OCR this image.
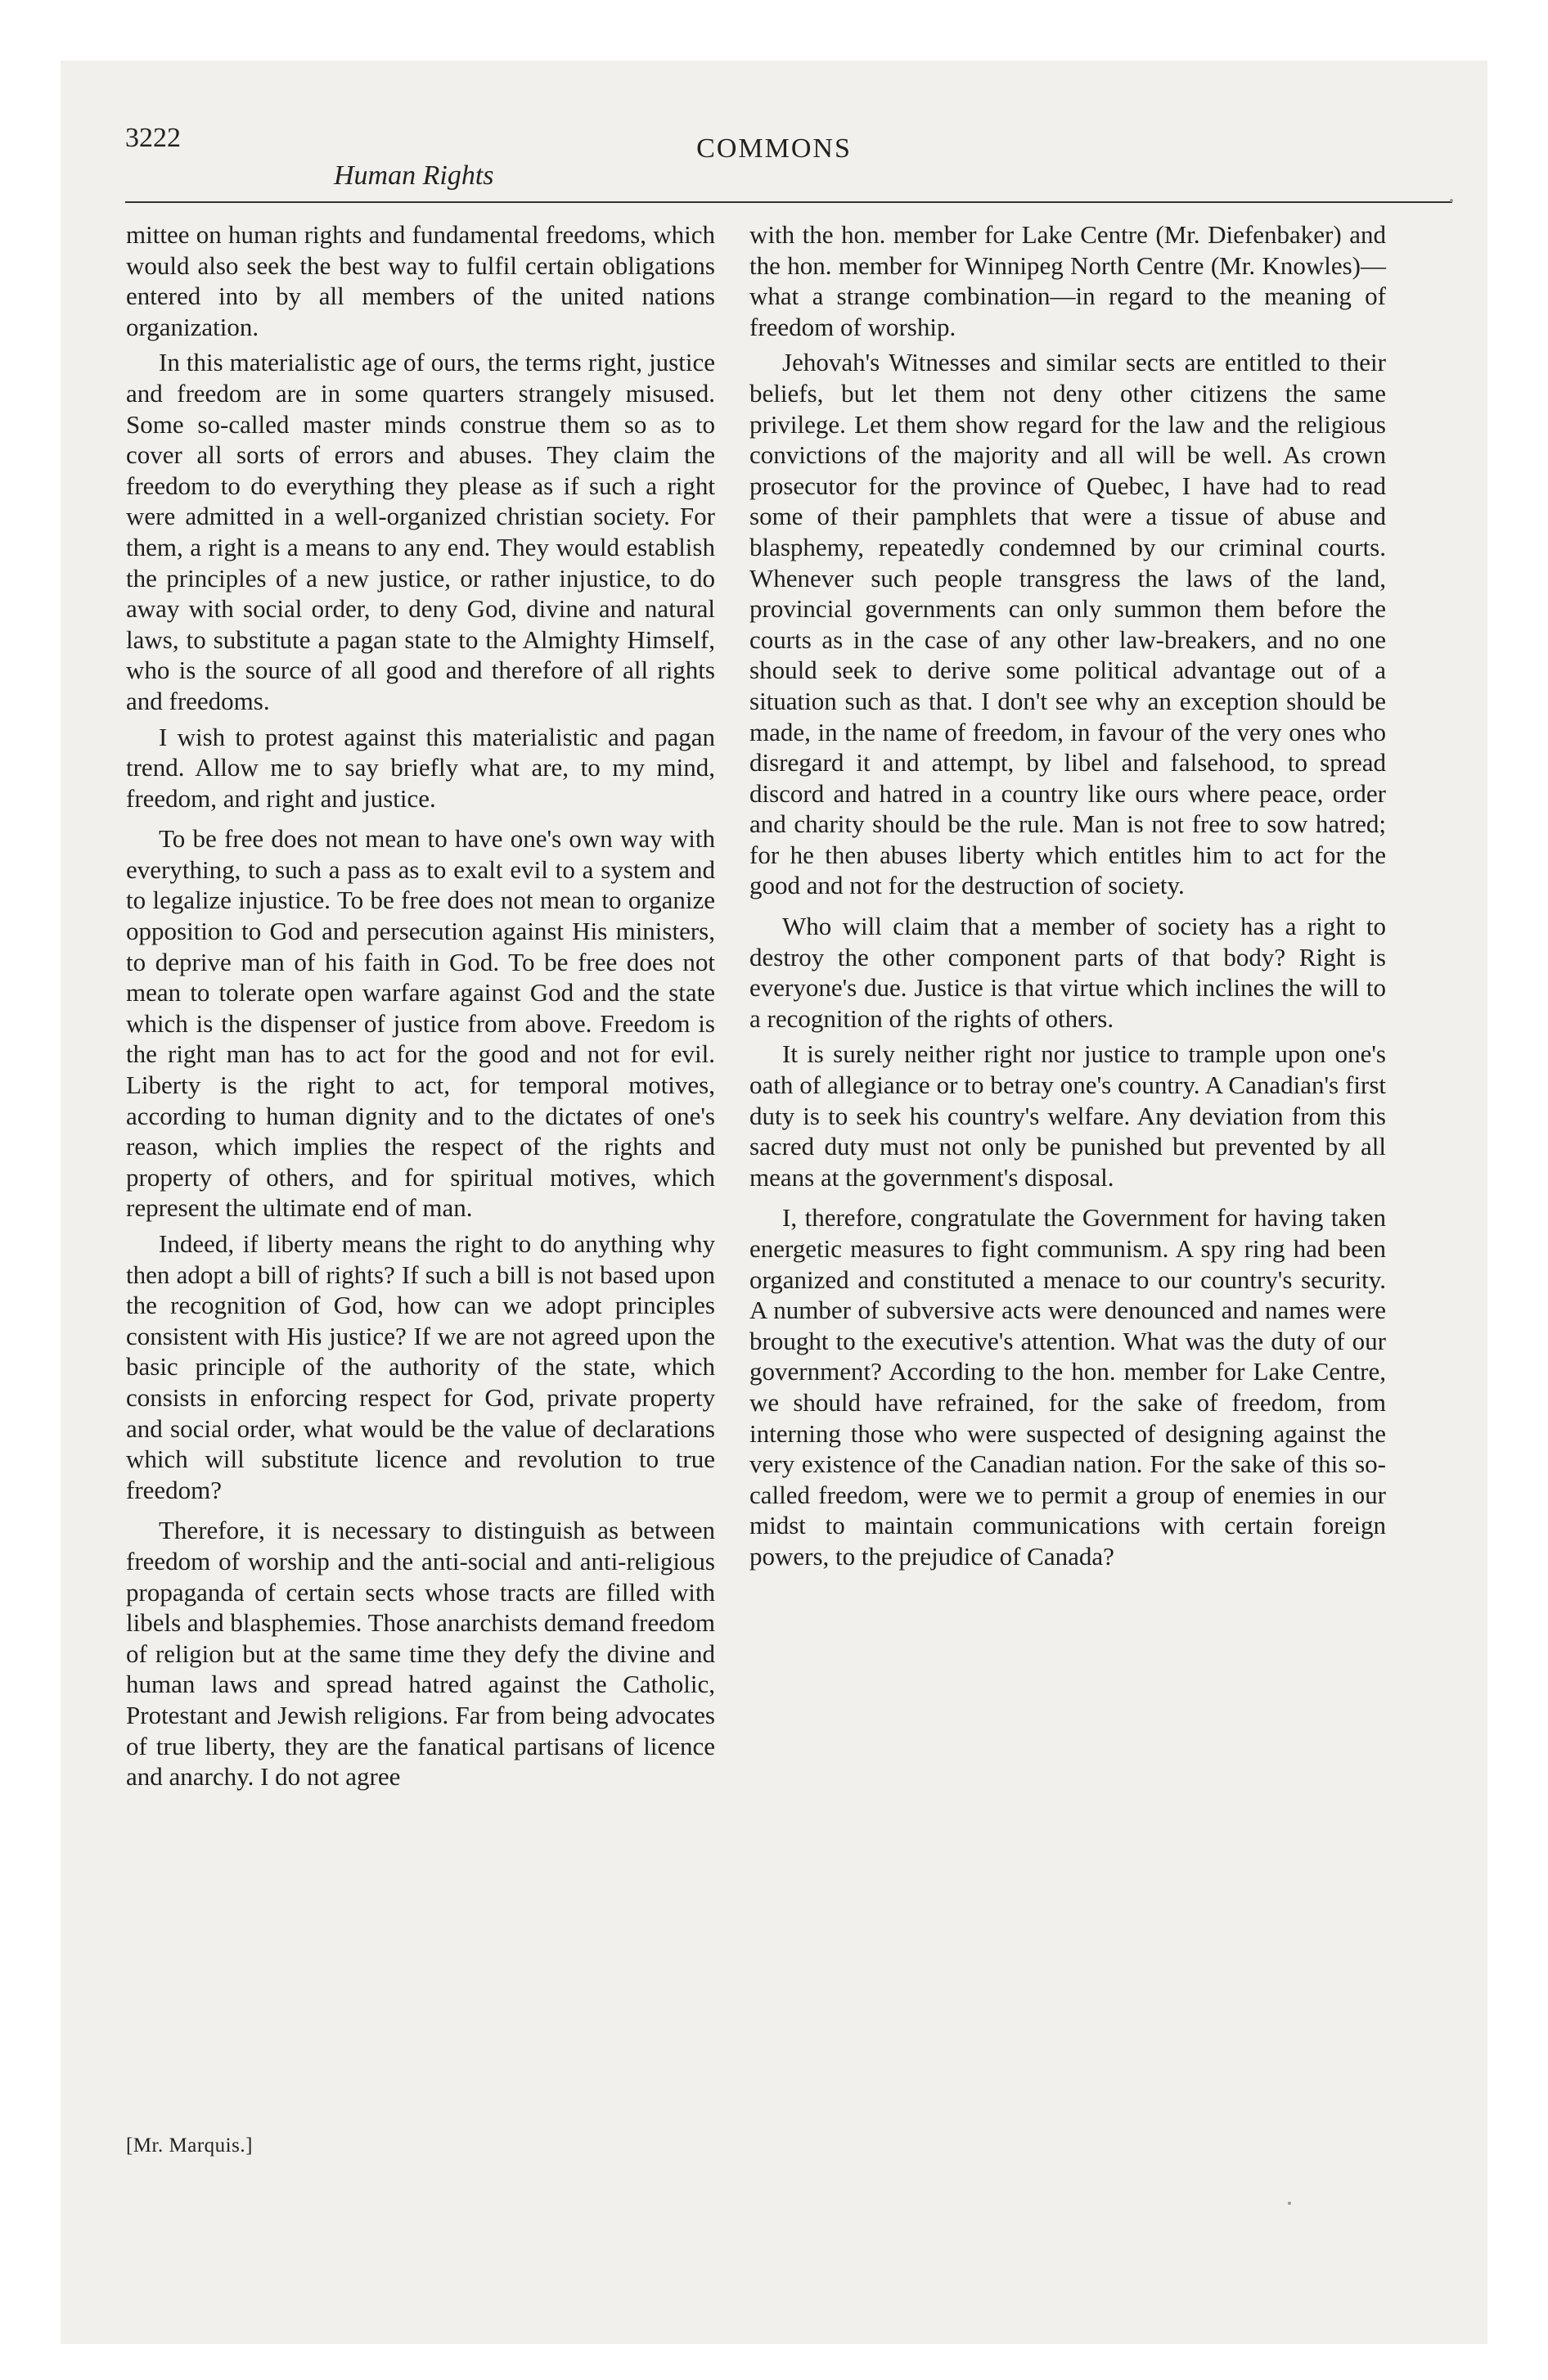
3222	COMMONS
Human Rights

mittee on human rights and fundamental freedoms, which would also seek the best way to fulfil certain obligations entered into by all members of the united nations organization.

In this materialistic age of ours, the terms right, justice and freedom are in some quarters strangely misused. Some so-called master minds construe them so as to cover all sorts of errors and abuses. They claim the freedom to do everything they please as if such a right were admitted in a well-organized christian society. For them, a right is a means to any end. They would establish the principles of a new justice, or rather injustice, to do away with social order, to deny God, divine and natural laws, to substitute a pagan state to the Almighty Himself, who is the source of all good and therefore of all rights and freedoms.

I wish to protest against this materialistic and pagan trend. Allow me to say briefly what are, to my mind, freedom, and right and justice.

To be free does not mean to have one's own way with everything, to such a pass as to exalt evil to a system and to legalize injustice. To be free does not mean to organize opposition to God and persecution against His ministers, to deprive man of his faith in God. To be free does not mean to tolerate open warfare against God and the state which is the dispenser of justice from above. Freedom is the right man has to act for the good and not for evil. Liberty is the right to act, for temporal motives, according to human dignity and to the dictates of one's reason, which implies the respect of the rights and property of others, and for spiritual motives, which represent the ultimate end of man.

Indeed, if liberty means the right to do anything why then adopt a bill of rights? If such a bill is not based upon the recognition of God, how can we adopt principles consistent with His justice? If we are not agreed upon the basic principle of the authority of the state, which consists in enforcing respect for God, private property and social order, what would be the value of declarations which will substitute licence and revolution to true freedom?

Therefore, it is necessary to distinguish as between freedom of worship and the anti-social and anti-religious propaganda of certain sects whose tracts are filled with libels and blasphemies. Those anarchists demand freedom of religion but at the same time they defy the divine and human laws and spread hatred against the Catholic, Protestant and Jewish religions. Far from being advocates of true liberty, they are the fanatical partisans of licence and anarchy. I do not agree

with the hon. member for Lake Centre (Mr. Diefenbaker) and the hon. member for Winnipeg North Centre (Mr. Knowles)—what a strange combination—in regard to the meaning of freedom of worship.

Jehovah's Witnesses and similar sects are entitled to their beliefs, but let them not deny other citizens the same privilege. Let them show regard for the law and the religious convictions of the majority and all will be well. As crown prosecutor for the province of Quebec, I have had to read some of their pamphlets that were a tissue of abuse and blasphemy, repeatedly condemned by our criminal courts. Whenever such people transgress the laws of the land, provincial governments can only summon them before the courts as in the case of any other law-breakers, and no one should seek to derive some political advantage out of a situation such as that. I don't see why an exception should be made, in the name of freedom, in favour of the very ones who disregard it and attempt, by libel and falsehood, to spread discord and hatred in a country like ours where peace, order and charity should be the rule. Man is not free to sow hatred; for he then abuses liberty which entitles him to act for the good and not for the destruction of society.

Who will claim that a member of society has a right to destroy the other component parts of that body? Right is everyone's due. Justice is that virtue which inclines the will to a recognition of the rights of others.

It is surely neither right nor justice to trample upon one's oath of allegiance or to betray one's country. A Canadian's first duty is to seek his country's welfare. Any deviation from this sacred duty must not only be punished but prevented by all means at the government's disposal.

I, therefore, congratulate the Government for having taken energetic measures to fight communism. A spy ring had been organized and constituted a menace to our country's security. A number of subversive acts were denounced and names were brought to the executive's attention. What was the duty of our government? According to the hon. member for Lake Centre, we should have refrained, for the sake of freedom, from interning those who were suspected of designing against the very existence of the Canadian nation. For the sake of this so-called freedom, were we to permit a group of enemies in our midst to maintain communications with certain foreign powers, to the prejudice of Canada?

[Mr. Marquis.]
